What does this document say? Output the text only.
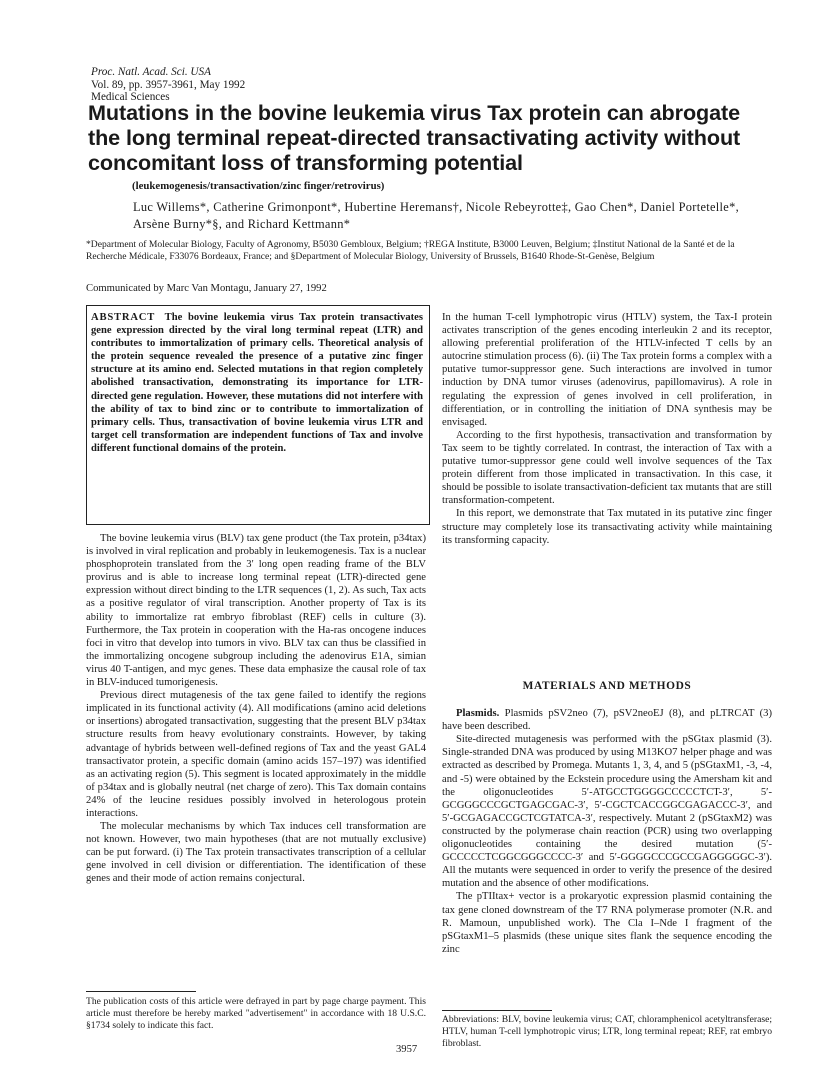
Proc. Natl. Acad. Sci. USA
Vol. 89, pp. 3957-3961, May 1992
Medical Sciences
Mutations in the bovine leukemia virus Tax protein can abrogate the long terminal repeat-directed transactivating activity without concomitant loss of transforming potential
(leukemogenesis/transactivation/zinc finger/retrovirus)
Luc Willems*, Catherine Grimonpont*, Hubertine Heremans†, Nicole Rebeyrotte‡, Gao Chen*, Daniel Portetelle*, Arsène Burny*§, and Richard Kettmann*
*Department of Molecular Biology, Faculty of Agronomy, B5030 Gembloux, Belgium; †REGA Institute, B3000 Leuven, Belgium; ‡Institut National de la Santé et de la Recherche Médicale, F33076 Bordeaux, France; and §Department of Molecular Biology, University of Brussels, B1640 Rhode-St-Genèse, Belgium
Communicated by Marc Van Montagu, January 27, 1992
ABSTRACT The bovine leukemia virus Tax protein transactivates gene expression directed by the viral long terminal repeat (LTR) and contributes to immortalization of primary cells. Theoretical analysis of the protein sequence revealed the presence of a putative zinc finger structure at its amino end. Selected mutations in that region completely abolished transactivation, demonstrating its importance for LTR-directed gene regulation. However, these mutations did not interfere with the ability of tax to bind zinc or to contribute to immortalization of primary cells. Thus, transactivation of bovine leukemia virus LTR and target cell transformation are independent functions of Tax and involve different functional domains of the protein.

The bovine leukemia virus (BLV) tax gene product (the Tax protein, p34tax) is involved in viral replication and probably in leukemogenesis. Tax is a nuclear phosphoprotein translated from the 3′ long open reading frame of the BLV provirus and is able to increase long terminal repeat (LTR)-directed gene expression without direct binding to the LTR sequences (1, 2). As such, Tax acts as a positive regulator of viral transcription. Another property of Tax is its ability to immortalize rat embryo fibroblast (REF) cells in culture (3). Furthermore, the Tax protein in cooperation with the Ha-ras oncogene induces foci in vitro that develop into tumors in vivo. BLV tax can thus be classified in the immortalizing oncogene subgroup including the adenovirus E1A, simian virus 40 T-antigen, and myc genes. These data emphasize the causal role of tax in BLV-induced tumorigenesis.

Previous direct mutagenesis of the tax gene failed to identify the regions implicated in its functional activity (4). All modifications (amino acid deletions or insertions) abrogated transactivation, suggesting that the present BLV p34tax structure results from heavy evolutionary constraints. However, by taking advantage of hybrids between well-defined regions of Tax and the yeast GAL4 transactivator protein, a specific domain (amino acids 157–197) was identified as an activating region (5). This segment is located approximately in the middle of p34tax and is globally neutral (net charge of zero). This Tax domain contains 24% of the leucine residues possibly involved in heterologous protein interactions.

The molecular mechanisms by which Tax induces cell transformation are not known. However, two main hypotheses (that are not mutually exclusive) can be put forward. (i) The Tax protein transactivates transcription of a cellular gene involved in cell division or differentiation. The identification of these genes and their mode of action remains conjectural.

In the human T-cell lymphotropic virus (HTLV) system, the Tax-I protein activates transcription of the genes encoding interleukin 2 and its receptor, allowing preferential proliferation of the HTLV-infected T cells by an autocrine stimulation process (6). (ii) The Tax protein forms a complex with a putative tumor-suppressor gene. Such interactions are involved in tumor induction by DNA tumor viruses (adenovirus, papillomavirus). A role in regulating the expression of genes involved in cell proliferation, in differentiation, or in controlling the initiation of DNA synthesis may be envisaged.

According to the first hypothesis, transactivation and transformation by Tax seem to be tightly correlated. In contrast, the interaction of Tax with a putative tumor-suppressor gene could well involve sequences of the Tax protein different from those implicated in transactivation. In this case, it should be possible to isolate transactivation-deficient tax mutants that are still transformation-competent.

In this report, we demonstrate that Tax mutated in its putative zinc finger structure may completely lose its transactivating activity while maintaining its transforming capacity.

MATERIALS AND METHODS

Plasmids. Plasmids pSV2neo (7), pSV2neoEJ (8), and pLTRCAT (3) have been described.

Site-directed mutagenesis was performed with the pSGtax plasmid (3). Single-stranded DNA was produced by using M13KO7 helper phage and was extracted as described by Promega. Mutants 1, 3, 4, and 5 (pSGtaxM1, -3, -4, and -5) were obtained by the Eckstein procedure using the Amersham kit and the oligonucleotides 5′-ATGCCTGGGGCCCCCTCT-3′, 5′-GCGGGCCCGCTGAGCGAC-3′, 5′-CGCTCACCGGCGAGACCC-3′, and 5′-GCGAGACCGCTCGTATCA-3′, respectively. Mutant 2 (pSGtaxM2) was constructed by the polymerase chain reaction (PCR) using two overlapping oligonucleotides containing the desired mutation (5′-GCCCCCTCGGCGGGCCCC-3′ and 5′-GGGGCCCGCCGAGGGGGC-3′). All the mutants were sequenced in order to verify the presence of the desired mutation and the absence of other modifications.

The pTIItax+ vector is a prokaryotic expression plasmid containing the tax gene cloned downstream of the T7 RNA polymerase promoter (N.R. and R. Mamoun, unpublished work). The Cla I–Nde I fragment of the pSGtaxM1–5 plasmids (these unique sites flank the sequence encoding the zinc

The publication costs of this article were defrayed in part by page charge payment. This article must therefore be hereby marked "advertisement" in accordance with 18 U.S.C. §1734 solely to indicate this fact.
Abbreviations: BLV, bovine leukemia virus; CAT, chloramphenicol acetyltransferase; HTLV, human T-cell lymphotropic virus; LTR, long terminal repeat; REF, rat embryo fibroblast.
3957
